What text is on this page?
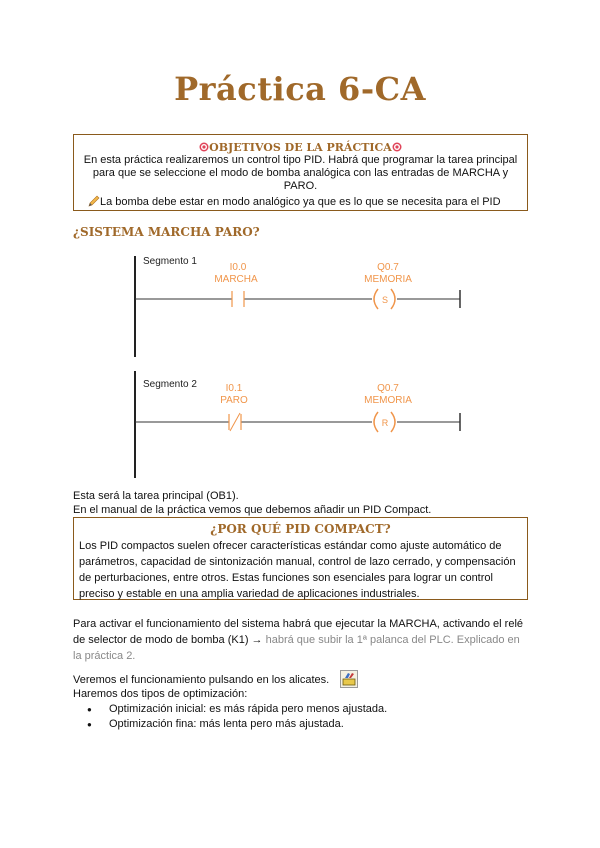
Práctica 6-CA
OBJETIVOS DE LA PRÁCTICA
En esta práctica realizaremos un control tipo PID. Habrá que programar la tarea principal
para que se seleccione el modo de bomba analógica con las entradas de MARCHA y
PARO.
La bomba debe estar en modo analógico ya que es lo que se necesita para el PID
¿SISTEMA MARCHA PARO?
Segmento 1
I0.0
MARCHA
Q0.7
MEMORIA
S
Segmento 2	I0.1
PARO
Q0.7
MEMORIA
R
Esta será la tarea principal (OB1).
En el manual de la práctica vemos que debemos añadir un PID Compact.
¿POR QUÉ PID COMPACT?
Los PID compactos suelen ofrecer características estándar como ajuste automático de
parámetros, capacidad de sintonización manual, control de lazo cerrado, y compensación
de perturbaciones, entre otros. Estas funciones son esenciales para lograr un control
preciso y estable en una amplia variedad de aplicaciones industriales.
Para activar el funcionamiento del sistema habrá que ejecutar la MARCHA, activando el relé
de selector de modo de bomba (K1) → habrá que subir la 1ª palanca del PLC. Explicado en
la práctica 2.
Veremos el funcionamiento pulsando en los alicates.
Haremos dos tipos de optimización:
● Optimización inicial: es más rápida pero menos ajustada.
● Optimización fina: más lenta pero más ajustada.
